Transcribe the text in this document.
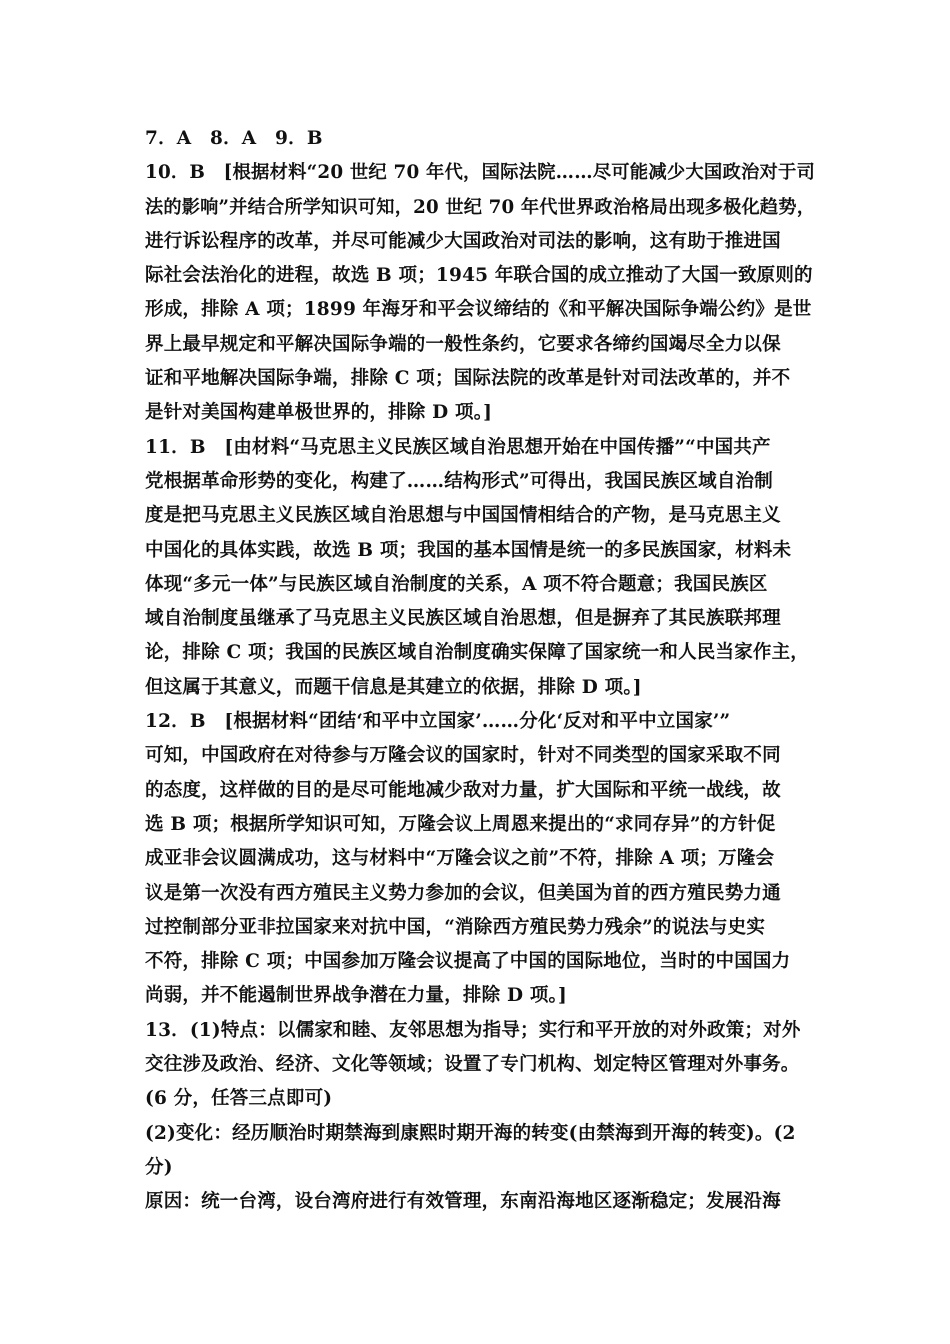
7．A　8．A　9．B
10．B　[根据材料“20 世纪 70 年代，国际法院……尽可能减少大国政治对于司
法的影响”并结合所学知识可知，20 世纪 70 年代世界政治格局出现多极化趋势，
进行诉讼程序的改革，并尽可能减少大国政治对司法的影响，这有助于推进国
际社会法治化的进程，故选 B 项；1945 年联合国的成立推动了大国一致原则的
形成，排除 A 项；1899 年海牙和平会议缔结的《和平解决国际争端公约》是世
界上最早规定和平解决国际争端的一般性条约，它要求各缔约国竭尽全力以保
证和平地解决国际争端，排除 C 项；国际法院的改革是针对司法改革的，并不
是针对美国构建单极世界的，排除 D 项。]
11．B　[由材料“马克思主义民族区域自治思想开始在中国传播”“中国共产
党根据革命形势的变化，构建了……结构形式”可得出，我国民族区域自治制
度是把马克思主义民族区域自治思想与中国国情相结合的产物，是马克思主义
中国化的具体实践，故选 B 项；我国的基本国情是统一的多民族国家，材料未
体现“多元一体”与民族区域自治制度的关系，A 项不符合题意；我国民族区
域自治制度虽继承了马克思主义民族区域自治思想，但是摒弃了其民族联邦理
论，排除 C 项；我国的民族区域自治制度确实保障了国家统一和人民当家作主，
但这属于其意义，而题干信息是其建立的依据，排除 D 项。]
12．B　[根据材料“团结‘和平中立国家’……分化‘反对和平中立国家’”
可知，中国政府在对待参与万隆会议的国家时，针对不同类型的国家采取不同
的态度，这样做的目的是尽可能地减少敌对力量，扩大国际和平统一战线，故
选 B 项；根据所学知识可知，万隆会议上周恩来提出的“求同存异”的方针促
成亚非会议圆满成功，这与材料中“万隆会议之前”不符，排除 A 项；万隆会
议是第一次没有西方殖民主义势力参加的会议，但美国为首的西方殖民势力通
过控制部分亚非拉国家来对抗中国，“消除西方殖民势力残余”的说法与史实
不符，排除 C 项；中国参加万隆会议提高了中国的国际地位，当时的中国国力
尚弱，并不能遏制世界战争潜在力量，排除 D 项。]
13．(1)特点：以儒家和睦、友邻思想为指导；实行和平开放的对外政策；对外
交往涉及政治、经济、文化等领域；设置了专门机构、划定特区管理对外事务。
(6 分，任答三点即可)
(2)变化：经历顺治时期禁海到康熙时期开海的转变(由禁海到开海的转变)。(2
分)
原因：统一台湾，设台湾府进行有效管理，东南沿海地区逐渐稳定；发展沿海
